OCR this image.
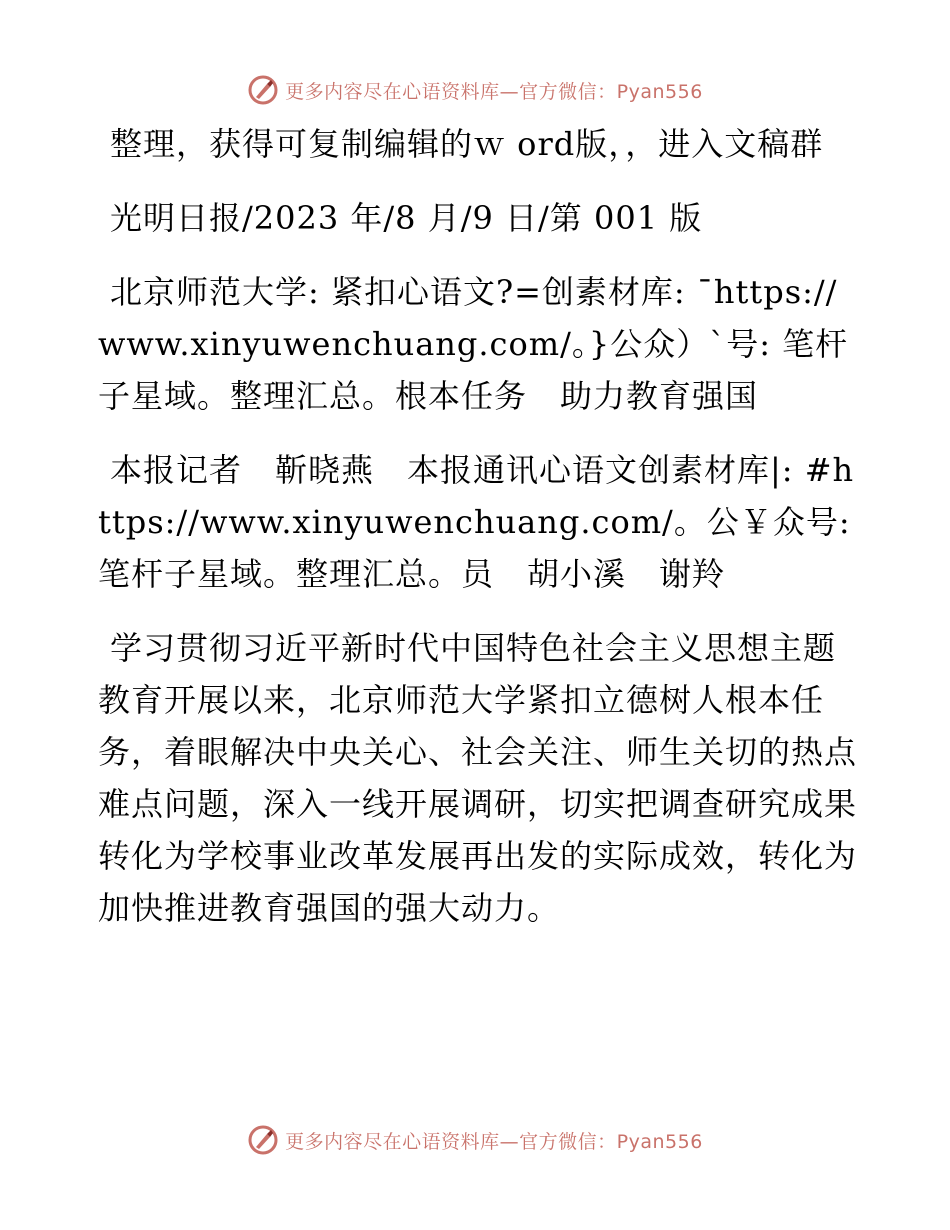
更多内容尽在心语资料库—官方微信：Pyan556

整理，获得可复制编辑的ｗ ord版，，进入文稿群

光明日报/2023 年/8 月/9 日/第 001 版

北京师范大学: 紧扣心语文?=创素材库: ¯https://www.xinyuwenchuang.com/。}公众）ˋ号: 笔杆子星域。整理汇总。根本任务　助力教育强国

本报记者　靳晓燕　本报通讯心语文创素材库|: #https://www.xinyuwenchuang.com/。公￥众号: 笔杆子星域。整理汇总。员　胡小溪　谢羚

学习贯彻习近平新时代中国特色社会主义思想主题教育开展以来，北京师范大学紧扣立德树人根本任务，着眼解决中央关心、社会关注、师生关切的热点难点问题，深入一线开展调研，切实把调查研究成果转化为学校事业改革发展再出发的实际成效，转化为加快推进教育强国的强大动力。

更多内容尽在心语资料库—官方微信：Pyan556
